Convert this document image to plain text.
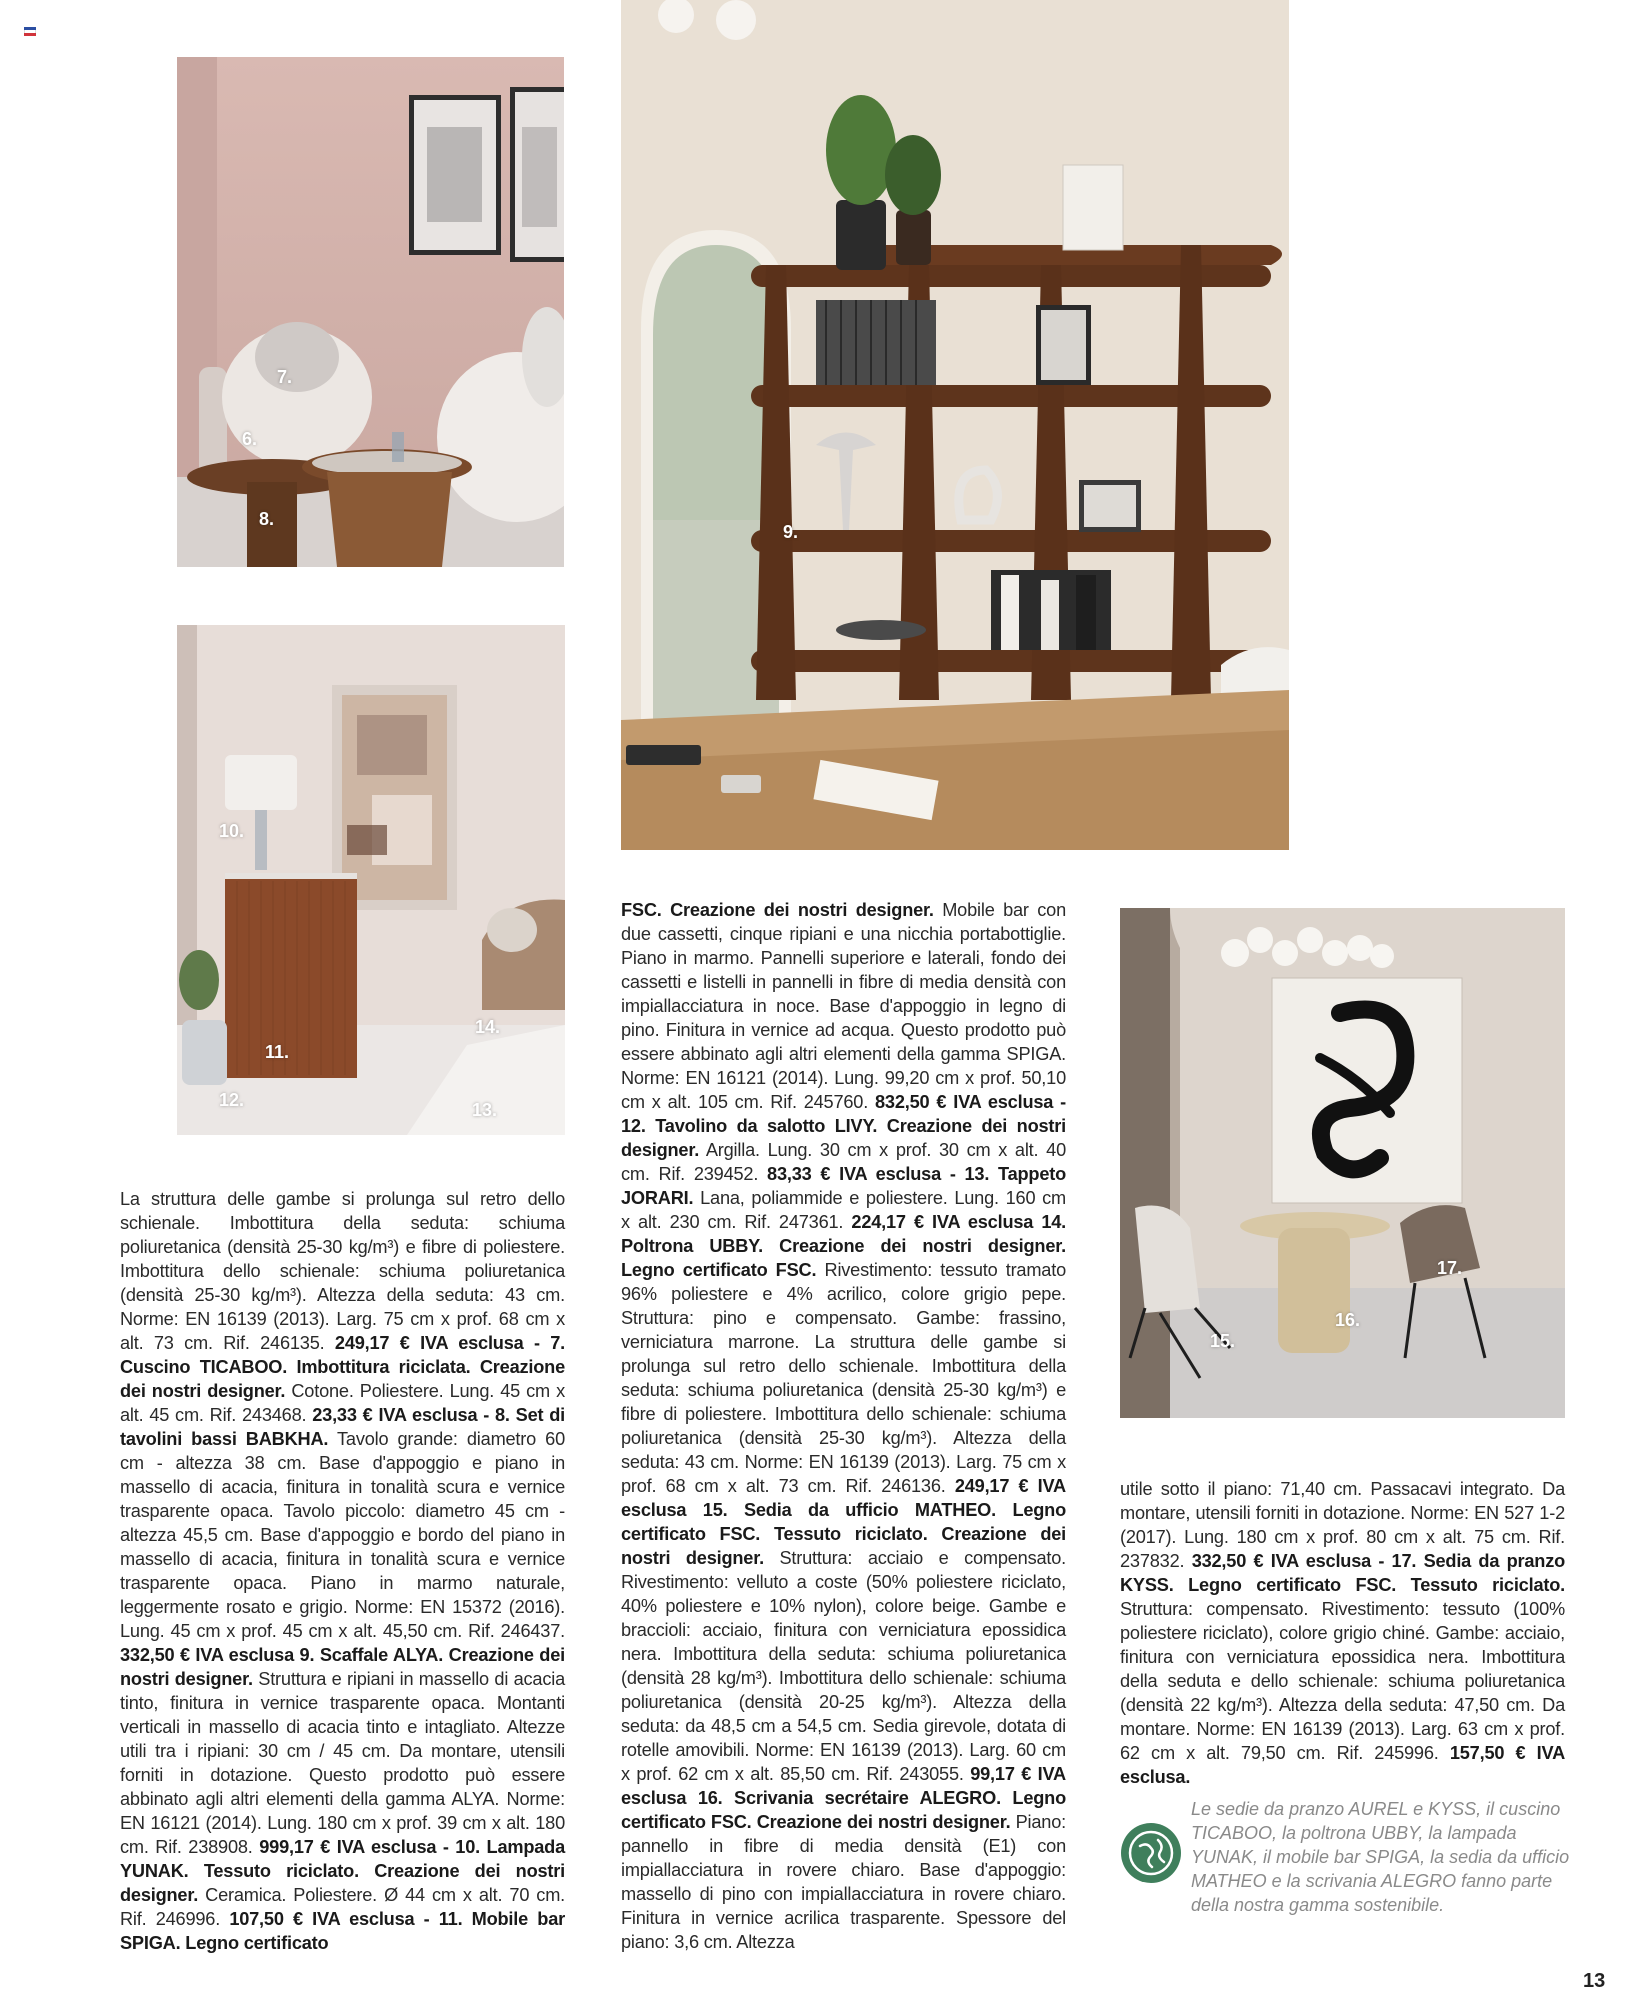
7.
6.
8.
10.
11.
12.	13.
14.
9.
17.
16.
15.
La struttura delle gambe si prolunga sul retro dello schienale. Imbottitura della seduta: schiuma poliuretanica (densità 25-30 kg/m³) e fibre di poliestere. Imbottitura dello schienale: schiuma poliuretanica (densità 25-30 kg/m³). Altezza della seduta: 43 cm. Norme: EN 16139 (2013). Larg. 75 cm x prof. 68 cm x alt. 73 cm. Rif. 246135. 249,17 € IVA esclusa - 7. Cuscino TICABOO. Imbottitura riciclata. Creazione dei nostri designer. Cotone. Poliestere. Lung. 45 cm x alt. 45 cm. Rif. 243468. 23,33 € IVA esclusa - 8. Set di tavolini bassi BABKHA. Tavolo grande: diametro 60 cm - altezza 38 cm. Base d'appoggio e piano in massello di acacia, finitura in tonalità scura e vernice trasparente opaca. Tavolo piccolo: diametro 45 cm - altezza 45,5 cm. Base d'appoggio e bordo del piano in massello di acacia, finitura in tonalità scura e vernice trasparente opaca. Piano in marmo naturale, leggermente rosato e grigio. Norme: EN 15372 (2016). Lung. 45 cm x prof. 45 cm x alt. 45,50 cm. Rif. 246437. 332,50 € IVA esclusa 9. Scaffale ALYA. Creazione dei nostri designer. Struttura e ripiani in massello di acacia tinto, finitura in vernice trasparente opaca. Montanti verticali in massello di acacia tinto e intagliato. Altezze utili tra i ripiani: 30 cm / 45 cm. Da montare, utensili forniti in dotazione. Questo prodotto può essere abbinato agli altri elementi della gamma ALYA. Norme: EN 16121 (2014). Lung. 180 cm x prof. 39 cm x alt. 180 cm. Rif. 238908. 999,17 € IVA esclusa - 10. Lampada YUNAK. Tessuto riciclato. Creazione dei nostri designer. Ceramica. Poliestere. Ø 44 cm x alt. 70 cm. Rif. 246996. 107,50 € IVA esclusa - 11. Mobile bar SPIGA. Legno certificato
FSC. Creazione dei nostri designer. Mobile bar con due cassetti, cinque ripiani e una nicchia portabottiglie. Piano in marmo. Pannelli superiore e laterali, fondo dei cassetti e listelli in pannelli in fibre di media densità con impiallacciatura in noce. Base d'appoggio in legno di pino. Finitura in vernice ad acqua. Questo prodotto può essere abbinato agli altri elementi della gamma SPIGA. Norme: EN 16121 (2014). Lung. 99,20 cm x prof. 50,10 cm x alt. 105 cm. Rif. 245760. 832,50 € IVA esclusa - 12. Tavolino da salotto LIVY. Creazione dei nostri designer. Argilla. Lung. 30 cm x prof. 30 cm x alt. 40 cm. Rif. 239452. 83,33 € IVA esclusa - 13. Tappeto JORARI. Lana, poliammide e poliestere. Lung. 160 cm x alt. 230 cm. Rif. 247361. 224,17 € IVA esclusa 14. Poltrona UBBY. Creazione dei nostri designer. Legno certificato FSC. Rivestimento: tessuto tramato 96% poliestere e 4% acrilico, colore grigio pepe. Struttura: pino e compensato. Gambe: frassino, verniciatura marrone. La struttura delle gambe si prolunga sul retro dello schienale. Imbottitura della seduta: schiuma poliuretanica (densità 25-30 kg/m³) e fibre di poliestere. Imbottitura dello schienale: schiuma poliuretanica (densità 25-30 kg/m³). Altezza della seduta: 43 cm. Norme: EN 16139 (2013). Larg. 75 cm x prof. 68 cm x alt. 73 cm. Rif. 246136. 249,17 € IVA esclusa 15. Sedia da ufficio MATHEO. Legno certificato FSC. Tessuto riciclato. Creazione dei nostri designer. Struttura: acciaio e compensato. Rivestimento: velluto a coste (50% poliestere riciclato, 40% poliestere e 10% nylon), colore beige. Gambe e braccioli: acciaio, finitura con verniciatura epossidica nera. Imbottitura della seduta: schiuma poliuretanica (densità 28 kg/m³). Imbottitura dello schienale: schiuma poliuretanica (densità 20-25 kg/m³). Altezza della seduta: da 48,5 cm a 54,5 cm. Sedia girevole, dotata di rotelle amovibili. Norme: EN 16139 (2013). Larg. 60 cm x prof. 62 cm x alt. 85,50 cm. Rif. 243055. 99,17 € IVA esclusa 16. Scrivania secrétaire ALEGRO. Legno certificato FSC. Creazione dei nostri designer. Piano: pannello in fibre di media densità (E1) con impiallacciatura in rovere chiaro. Base d'appoggio: massello di pino con impiallacciatura in rovere chiaro. Finitura in vernice acrilica trasparente. Spessore del piano: 3,6 cm. Altezza
utile sotto il piano: 71,40 cm. Passacavi integrato. Da montare, utensili forniti in dotazione. Norme: EN 527 1-2 (2017). Lung. 180 cm x prof. 80 cm x alt. 75 cm. Rif. 237832. 332,50 € IVA esclusa - 17. Sedia da pranzo KYSS. Legno certificato FSC. Tessuto riciclato. Struttura: compensato. Rivestimento: tessuto (100% poliestere riciclato), colore grigio chiné. Gambe: acciaio, finitura con verniciatura epossidica nera. Imbottitura della seduta e dello schienale: schiuma poliuretanica (densità 22 kg/m³). Altezza della seduta: 47,50 cm. Da montare. Norme: EN 16139 (2013). Larg. 63 cm x prof. 62 cm x alt. 79,50 cm. Rif. 245996. 157,50 € IVA esclusa.
Le sedie da pranzo AUREL e KYSS, il cuscino TICABOO, la poltrona UBBY, la lampada YUNAK, il mobile bar SPIGA, la sedia da ufficio MATHEO e la scrivania ALEGRO fanno parte della nostra gamma sostenibile.
13
